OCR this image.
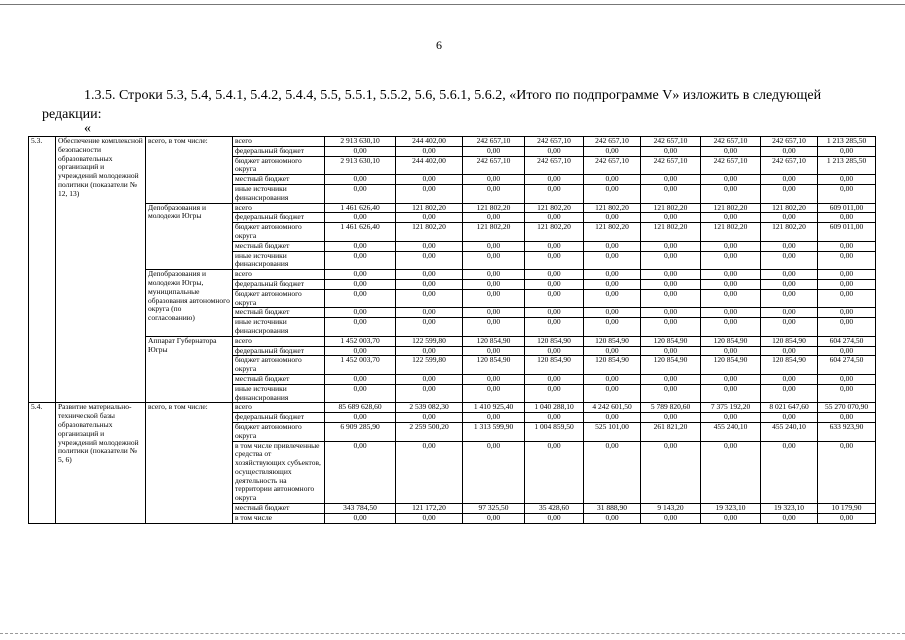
6
1.3.5. Строки 5.3, 5.4, 5.4.1, 5.4.2, 5.4.4, 5.5, 5.5.1, 5.5.2, 5.6, 5.6.1, 5.6.2, «Итого по подпрограмме V» изложить в следующей редакции:
«
5.3.	Обеспечение комплексной безопасности образовательных организаций и учреждений молодежной политики (показатели № 12, 13)	всего, в том числе:	всего	2 913 630,10	244 402,00	242 657,10	242 657,10	242 657,10	242 657,10	242 657,10	242 657,10	1 213 285,50
			федеральный бюджет	0,00	0,00	0,00	0,00	0,00	0,00	0,00	0,00	0,00
			бюджет автономного округа	2 913 630,10	244 402,00	242 657,10	242 657,10	242 657,10	242 657,10	242 657,10	242 657,10	1 213 285,50
			местный бюджет	0,00	0,00	0,00	0,00	0,00	0,00	0,00	0,00	0,00
			иные источники финансирования	0,00	0,00	0,00	0,00	0,00	0,00	0,00	0,00	0,00
		Депобразования и молодежи Югры	всего	1 461 626,40	121 802,20	121 802,20	121 802,20	121 802,20	121 802,20	121 802,20	121 802,20	609 011,00
			федеральный бюджет	0,00	0,00	0,00	0,00	0,00	0,00	0,00	0,00	0,00
			бюджет автономного округа	1 461 626,40	121 802,20	121 802,20	121 802,20	121 802,20	121 802,20	121 802,20	121 802,20	609 011,00
			местный бюджет	0,00	0,00	0,00	0,00	0,00	0,00	0,00	0,00	0,00
			иные источники финансирования	0,00	0,00	0,00	0,00	0,00	0,00	0,00	0,00	0,00
		Депобразования и молодежи Югры, муниципальные образования автономного округа (по согласованию)	всего	0,00	0,00	0,00	0,00	0,00	0,00	0,00	0,00	0,00
			федеральный бюджет	0,00	0,00	0,00	0,00	0,00	0,00	0,00	0,00	0,00
			бюджет автономного округа	0,00	0,00	0,00	0,00	0,00	0,00	0,00	0,00	0,00
			местный бюджет	0,00	0,00	0,00	0,00	0,00	0,00	0,00	0,00	0,00
			иные источники финансирования	0,00	0,00	0,00	0,00	0,00	0,00	0,00	0,00	0,00
		Аппарат Губернатора Югры	всего	1 452 003,70	122 599,80	120 854,90	120 854,90	120 854,90	120 854,90	120 854,90	120 854,90	604 274,50
			федеральный бюджет	0,00	0,00	0,00	0,00	0,00	0,00	0,00	0,00	0,00
			бюджет автономного округа	1 452 003,70	122 599,80	120 854,90	120 854,90	120 854,90	120 854,90	120 854,90	120 854,90	604 274,50
			местный бюджет	0,00	0,00	0,00	0,00	0,00	0,00	0,00	0,00	0,00
			иные источники финансирования	0,00	0,00	0,00	0,00	0,00	0,00	0,00	0,00	0,00
5.4.	Развитие материально-технической базы образовательных организаций и учреждений молодежной политики (показатели № 5, 6)	всего, в том числе:	всего	85 689 628,60	2 539 082,30	1 410 925,40	1 040 288,10	4 242 601,50	5 789 820,60	7 375 192,20	8 021 647,60	55 270 070,90
			федеральный бюджет	0,00	0,00	0,00	0,00	0,00	0,00	0,00	0,00	0,00
			бюджет автономного округа	6 909 285,90	2 259 500,20	1 313 599,90	1 004 859,50	525 101,00	261 821,20	455 240,10	455 240,10	633 923,90
			в том числе привлеченные средства от хозяйствующих субъектов, осуществляющих деятельность на территории автономного округа	0,00	0,00	0,00	0,00	0,00	0,00	0,00	0,00	0,00
			местный бюджет	343 784,50	121 172,20	97 325,50	35 428,60	31 888,90	9 143,20	19 323,10	19 323,10	10 179,90
			в том числе	0,00	0,00	0,00	0,00	0,00	0,00	0,00	0,00	0,00
